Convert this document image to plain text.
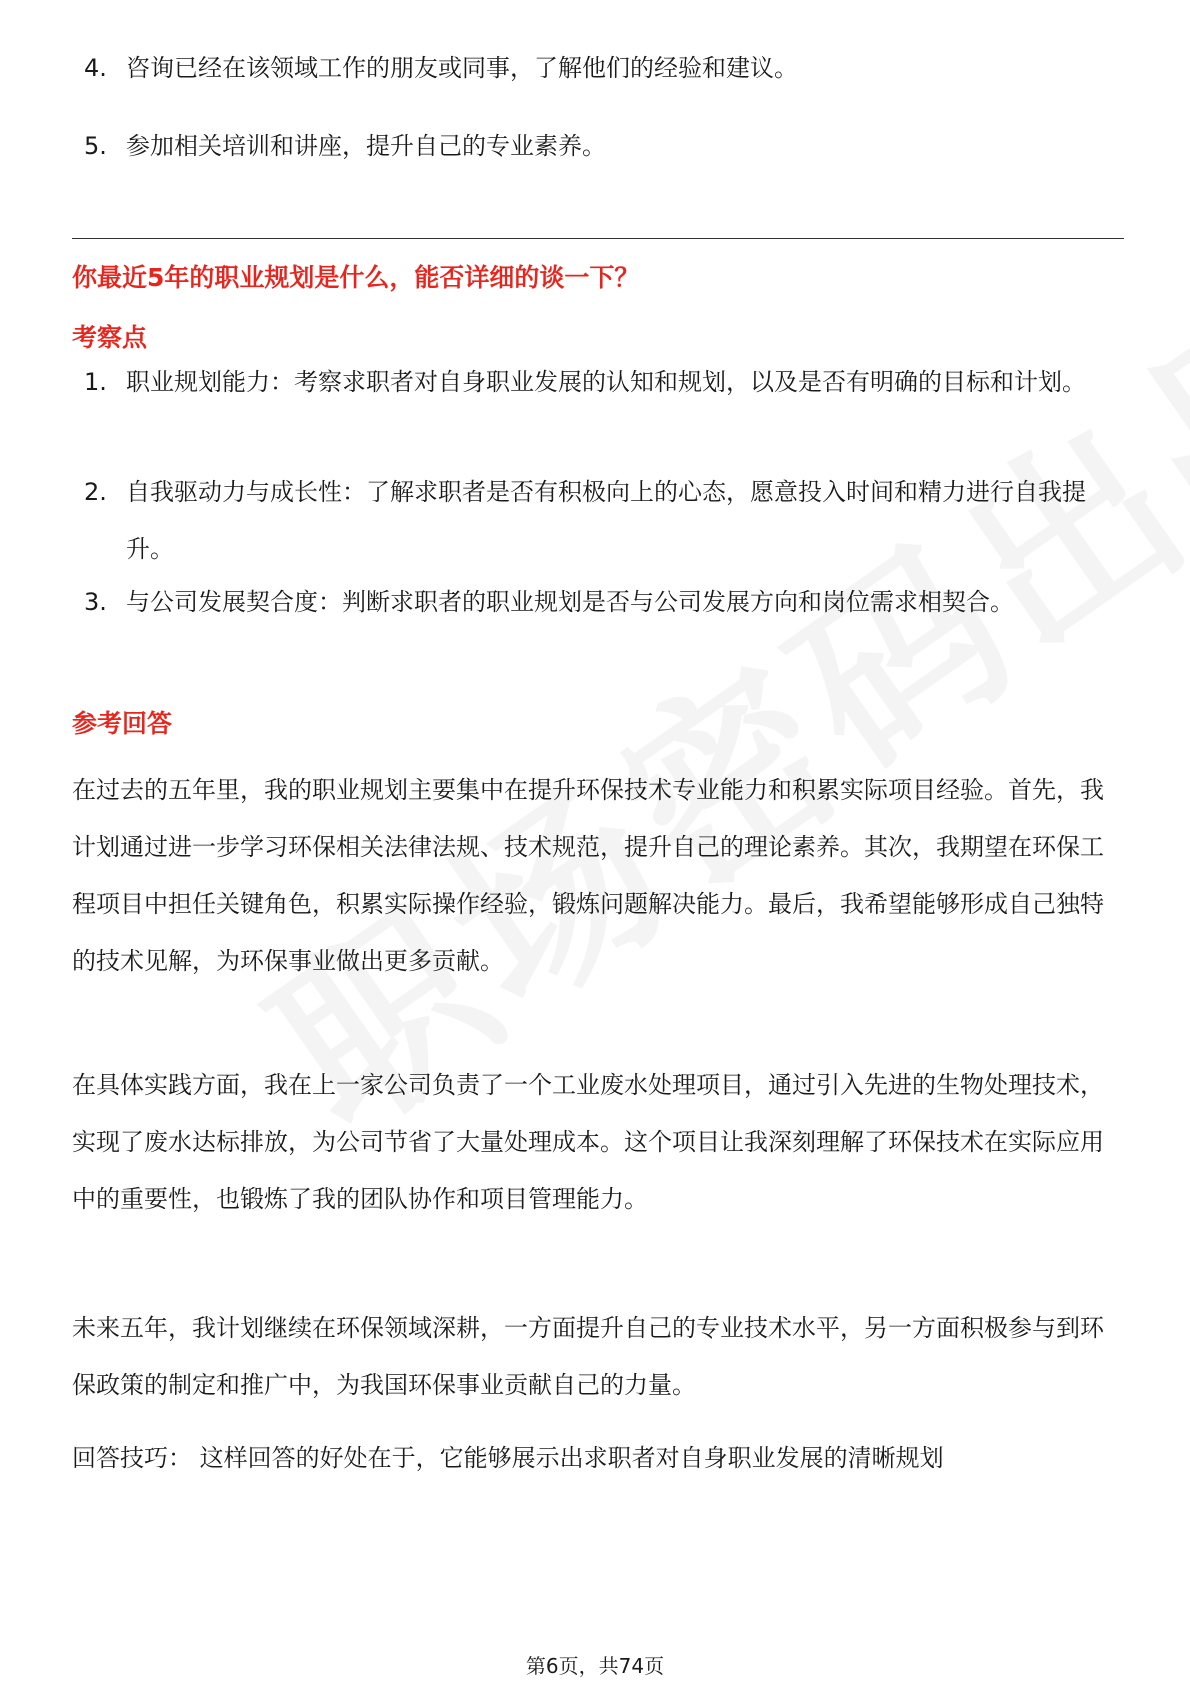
4. 咨询已经在该领域工作的朋友或同事，了解他们的经验和建议。
5. 参加相关培训和讲座，提升自己的专业素养。
你最近5年的职业规划是什么，能否详细的谈一下？
考察点
1. 职业规划能力：考察求职者对自身职业发展的认知和规划，以及是否有明确的目标和计划。
2. 自我驱动力与成长性：了解求职者是否有积极向上的心态，愿意投入时间和精力进行自我提升。
3. 与公司发展契合度：判断求职者的职业规划是否与公司发展方向和岗位需求相契合。
参考回答
在过去的五年里，我的职业规划主要集中在提升环保技术专业能力和积累实际项目经验。首先，我计划通过进一步学习环保相关法律法规、技术规范，提升自己的理论素养。其次，我期望在环保工程项目中担任关键角色，积累实际操作经验，锻炼问题解决能力。最后，我希望能够形成自己独特的技术见解，为环保事业做出更多贡献。
在具体实践方面，我在上一家公司负责了一个工业废水处理项目，通过引入先进的生物处理技术，实现了废水达标排放，为公司节省了大量处理成本。这个项目让我深刻理解了环保技术在实际应用中的重要性，也锻炼了我的团队协作和项目管理能力。
未来五年，我计划继续在环保领域深耕，一方面提升自己的专业技术水平，另一方面积极参与到环保政策的制定和推广中，为我国环保事业贡献自己的力量。
回答技巧： 这样回答的好处在于，它能够展示出求职者对自身职业发展的清晰规划
第6页，共74页
